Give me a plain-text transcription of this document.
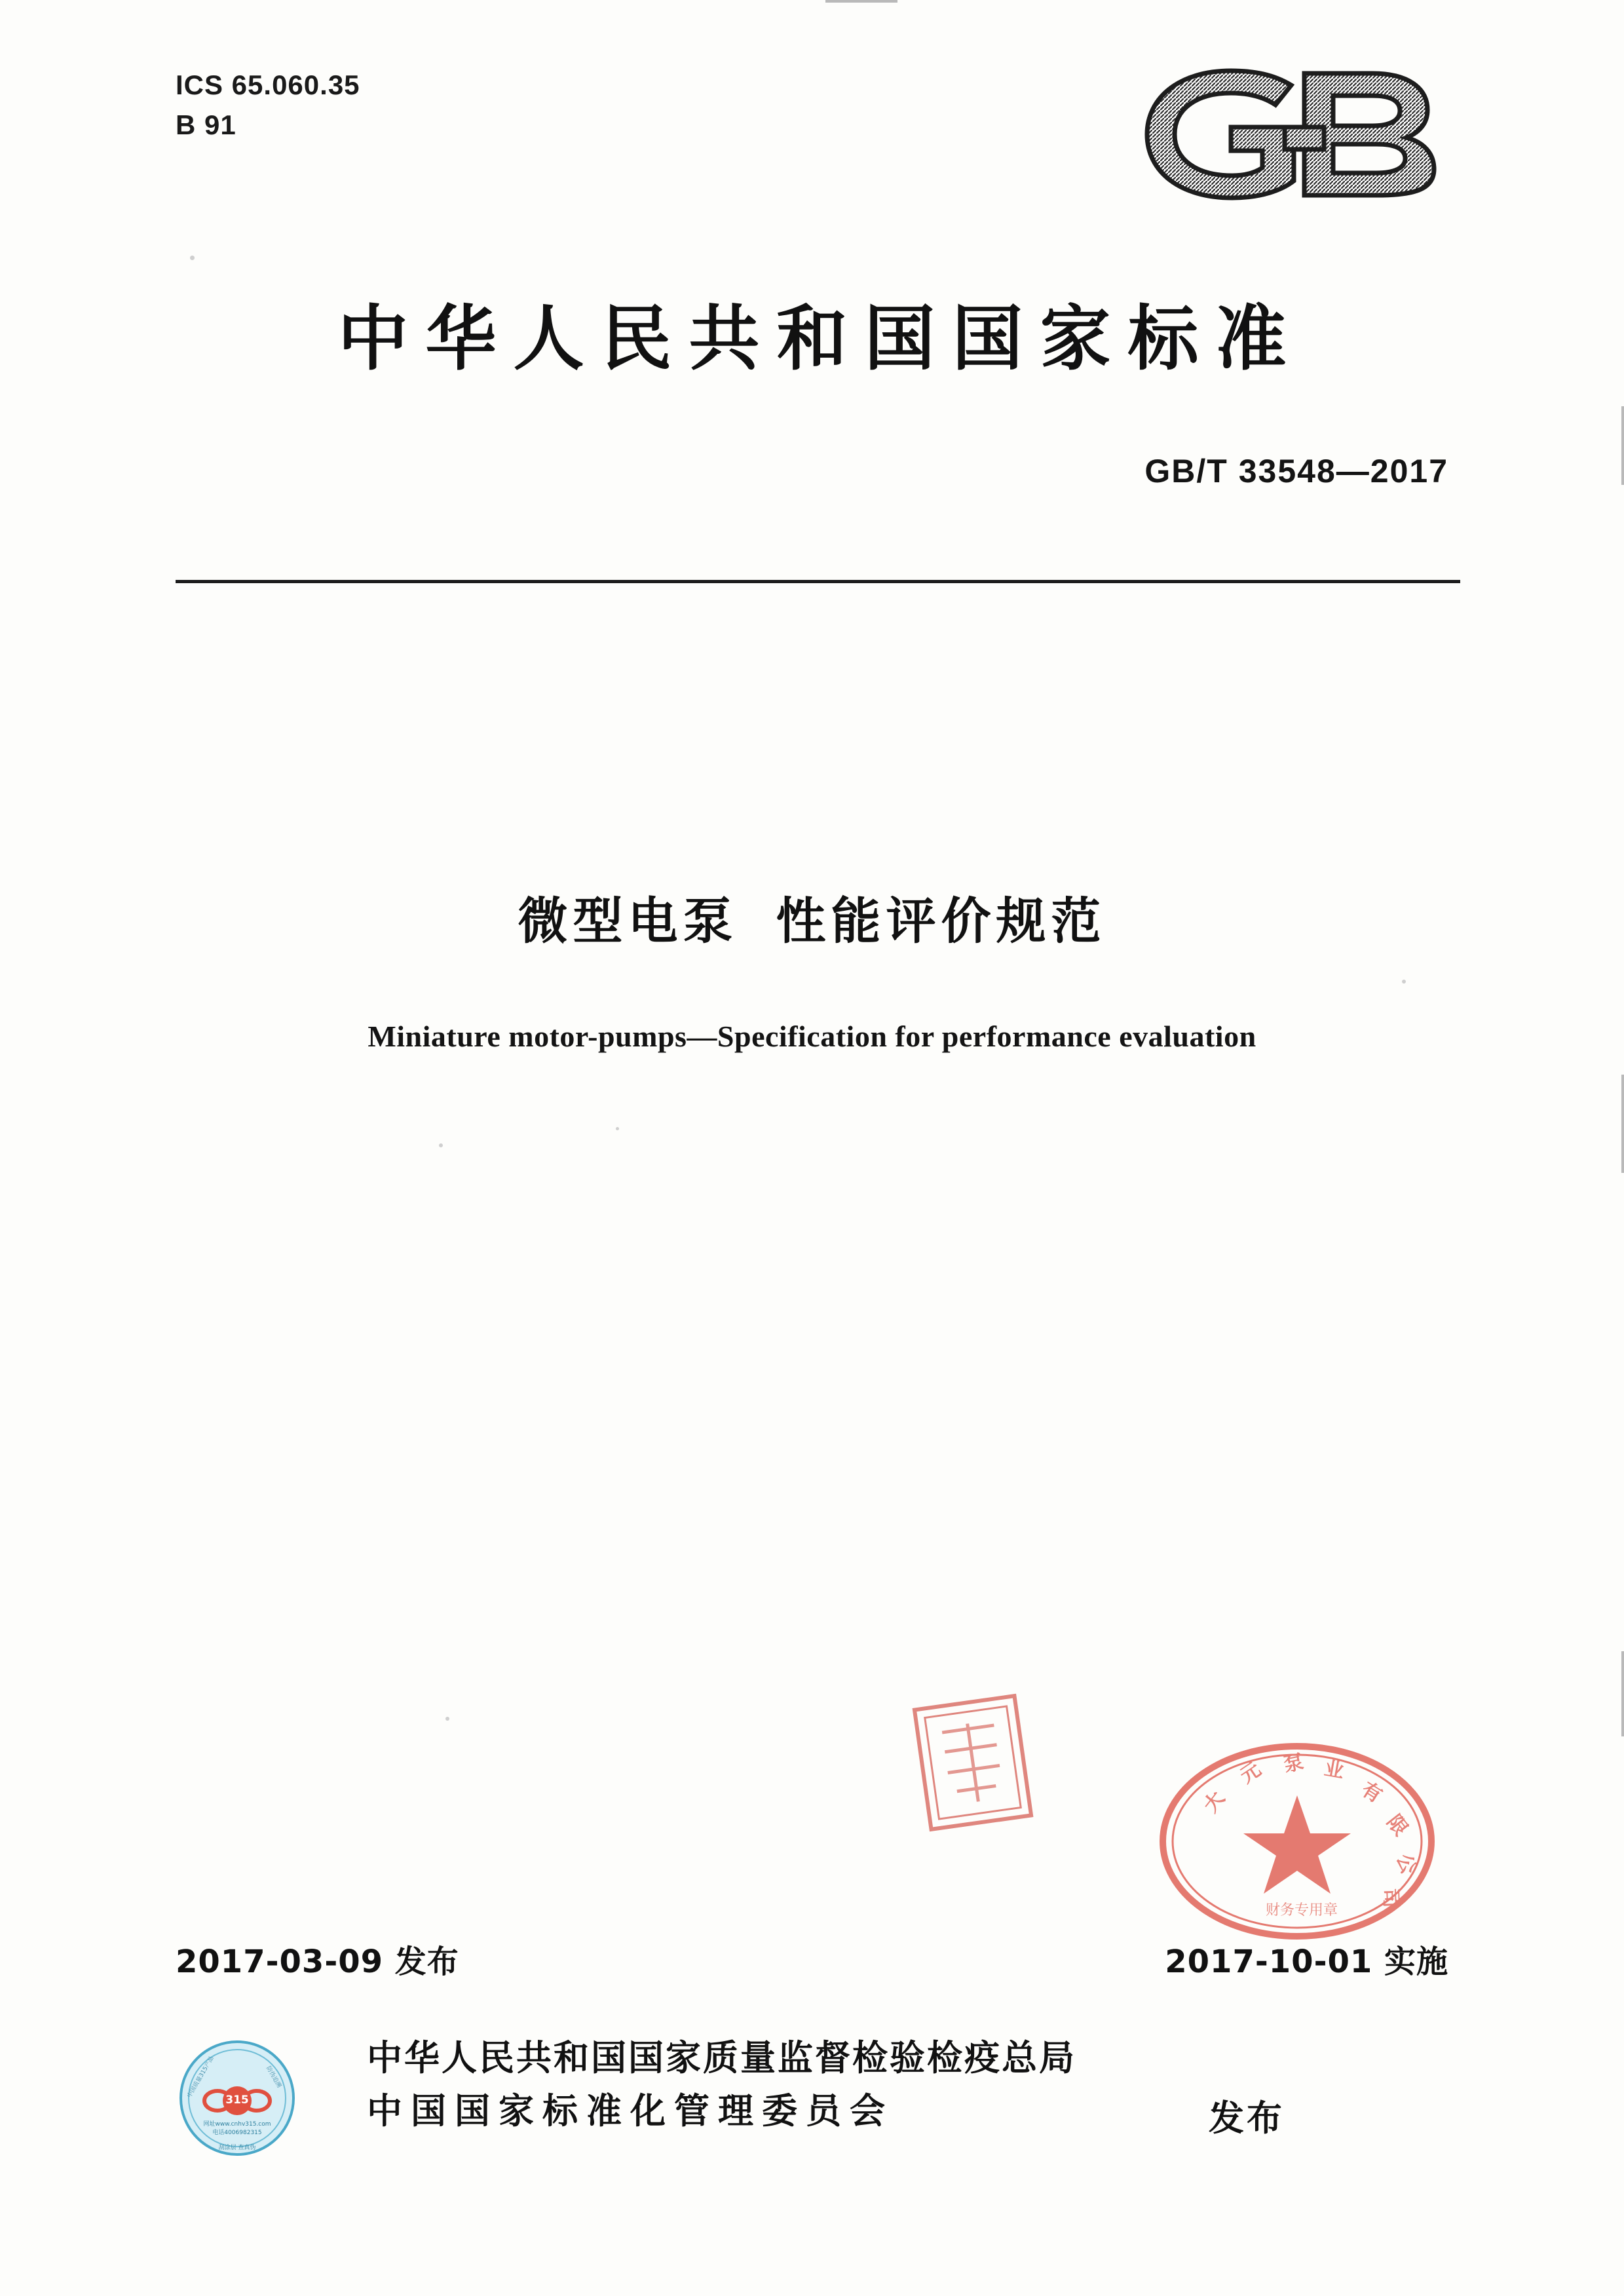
ICS 65.060.35
B 91
中华人民共和国国家标准
GB/T 33548—2017
微型电泵 性能评价规范
Miniature motor-pumps—Specification for performance evaluation
大
元 泵 业
有
限
公
司
财务专用章
2017-03-09 发布	2017-10-01 实施
315
网址www.cnhv315.com
电话4006982315
刮涂层 查真伪
中国质量315产品	防伪追溯 中华人民共和国国家质量监督检验检疫总局
中国国家标准化管理委员会	发布
